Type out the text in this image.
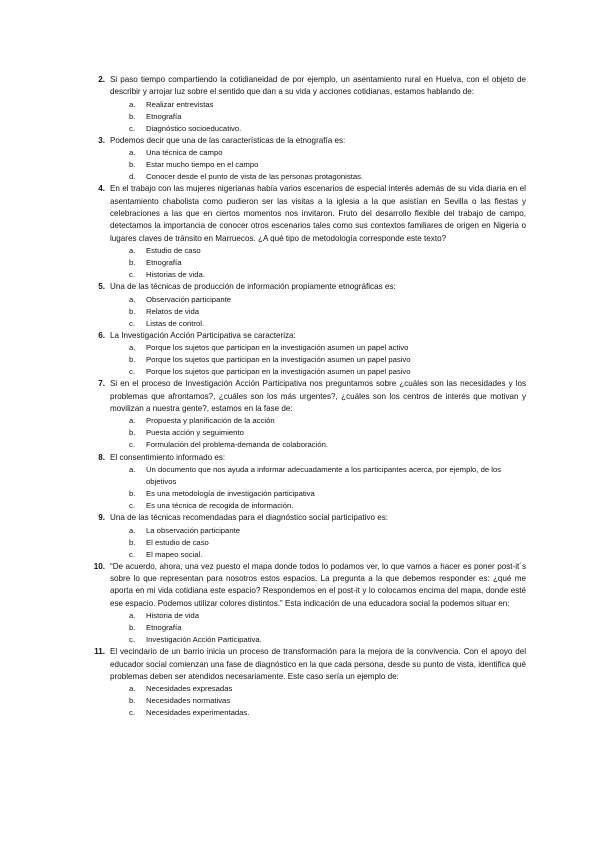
2. Si paso tiempo compartiendo la cotidianeidad de por ejemplo, un asentamiento rural en Huelva, con el objeto de describir y arrojar luz sobre el sentido que dan a su vida y acciones cotidianas, estamos hablando de:
a. Realizar entrevistas
b. Etnografía
c. Diagnóstico socioeducativo.
3. Podemos decir que una de las características de la etnografía es:
a. Una técnica de campo
b. Estar mucho tiempo en el campo
d. Conocer desde el punto de vista de las personas protagonistas.
4. En el trabajo con las mujeres nigerianas había varios escenarios de especial interés además de su vida diaria en el asentamiento chabolista como pudieron ser las visitas a la iglesia a la que asistían en Sevilla o las fiestas y celebraciones a las que en ciertos momentos nos invitaron. Fruto del desarrollo flexible del trabajo de campo, detectamos la importancia de conocer otros escenarios tales como sus contextos familiares de origen en Nigeria o lugares claves de tránsito en Marruecos. ¿A qué tipo de metodología corresponde este texto?
a. Estudio de caso
b. Etnografía
c. Historias de vida.
5. Una de las técnicas de producción de información propiamente etnográficas es:
a. Observación participante
b. Relatos de vida
c. Listas de control.
6. La Investigación Acción Participativa se caracteriza:
a. Porque los sujetos que participan en la investigación asumen un papel activo
b. Porque los sujetos que participan en la investigación asumen un papel pasivo
c. Porque los sujetos que participan en la investigación asumen un papel pasivo
7. Si en el proceso de Investigación Acción Participativa nos preguntamos sobre ¿cuáles son las necesidades y los problemas que afrontamos?, ¿cuáles son los más urgentes?, ¿cuáles son los centros de interés que motivan y movilizan a nuestra gente?, estamos en la fase de:
a. Propuesta y planificación de la acción
b. Puesta acción y seguimiento
c. Formulación del problema-demanda de colaboración.
8. El consentimiento informado es:
a. Un documento que nos ayuda a informar adecuadamente a los participantes acerca, por ejemplo, de los objetivos
b. Es una metodología de investigación participativa
c. Es una técnica de recogida de información.
9. Una de las técnicas recomendadas para el diagnóstico social participativo es:
a. La observación participante
b. El estudio de caso
c. El mapeo social.
10. “De acuerdo, ahora, una vez puesto el mapa donde todos lo podamos ver, lo que vamos a hacer es poner post-it´s sobre lo que representan para nosotros estos espacios. La pregunta a la que debemos responder es: ¿qué me aporta en mi vida cotidiana este espacio? Respondemos en el post-it y lo colocamos encima del mapa, donde esté ese espacio. Podemos utilizar colores distintos.” Esta indicación de una educadora social la podemos situar en:
a. Historia de vida
b. Etnografía
c. Investigación Acción Participativa.
11. El vecindario de un barrio inicia un proceso de transformación para la mejora de la convivencia. Con el apoyo del educador social comienzan una fase de diagnóstico en la que cada persona, desde su punto de vista, identifica qué problemas deben ser atendidos necesariamente. Este caso sería un ejemplo de:
a. Necesidades expresadas
b. Necesidades normativas
c. Necesidades experimentadas.
